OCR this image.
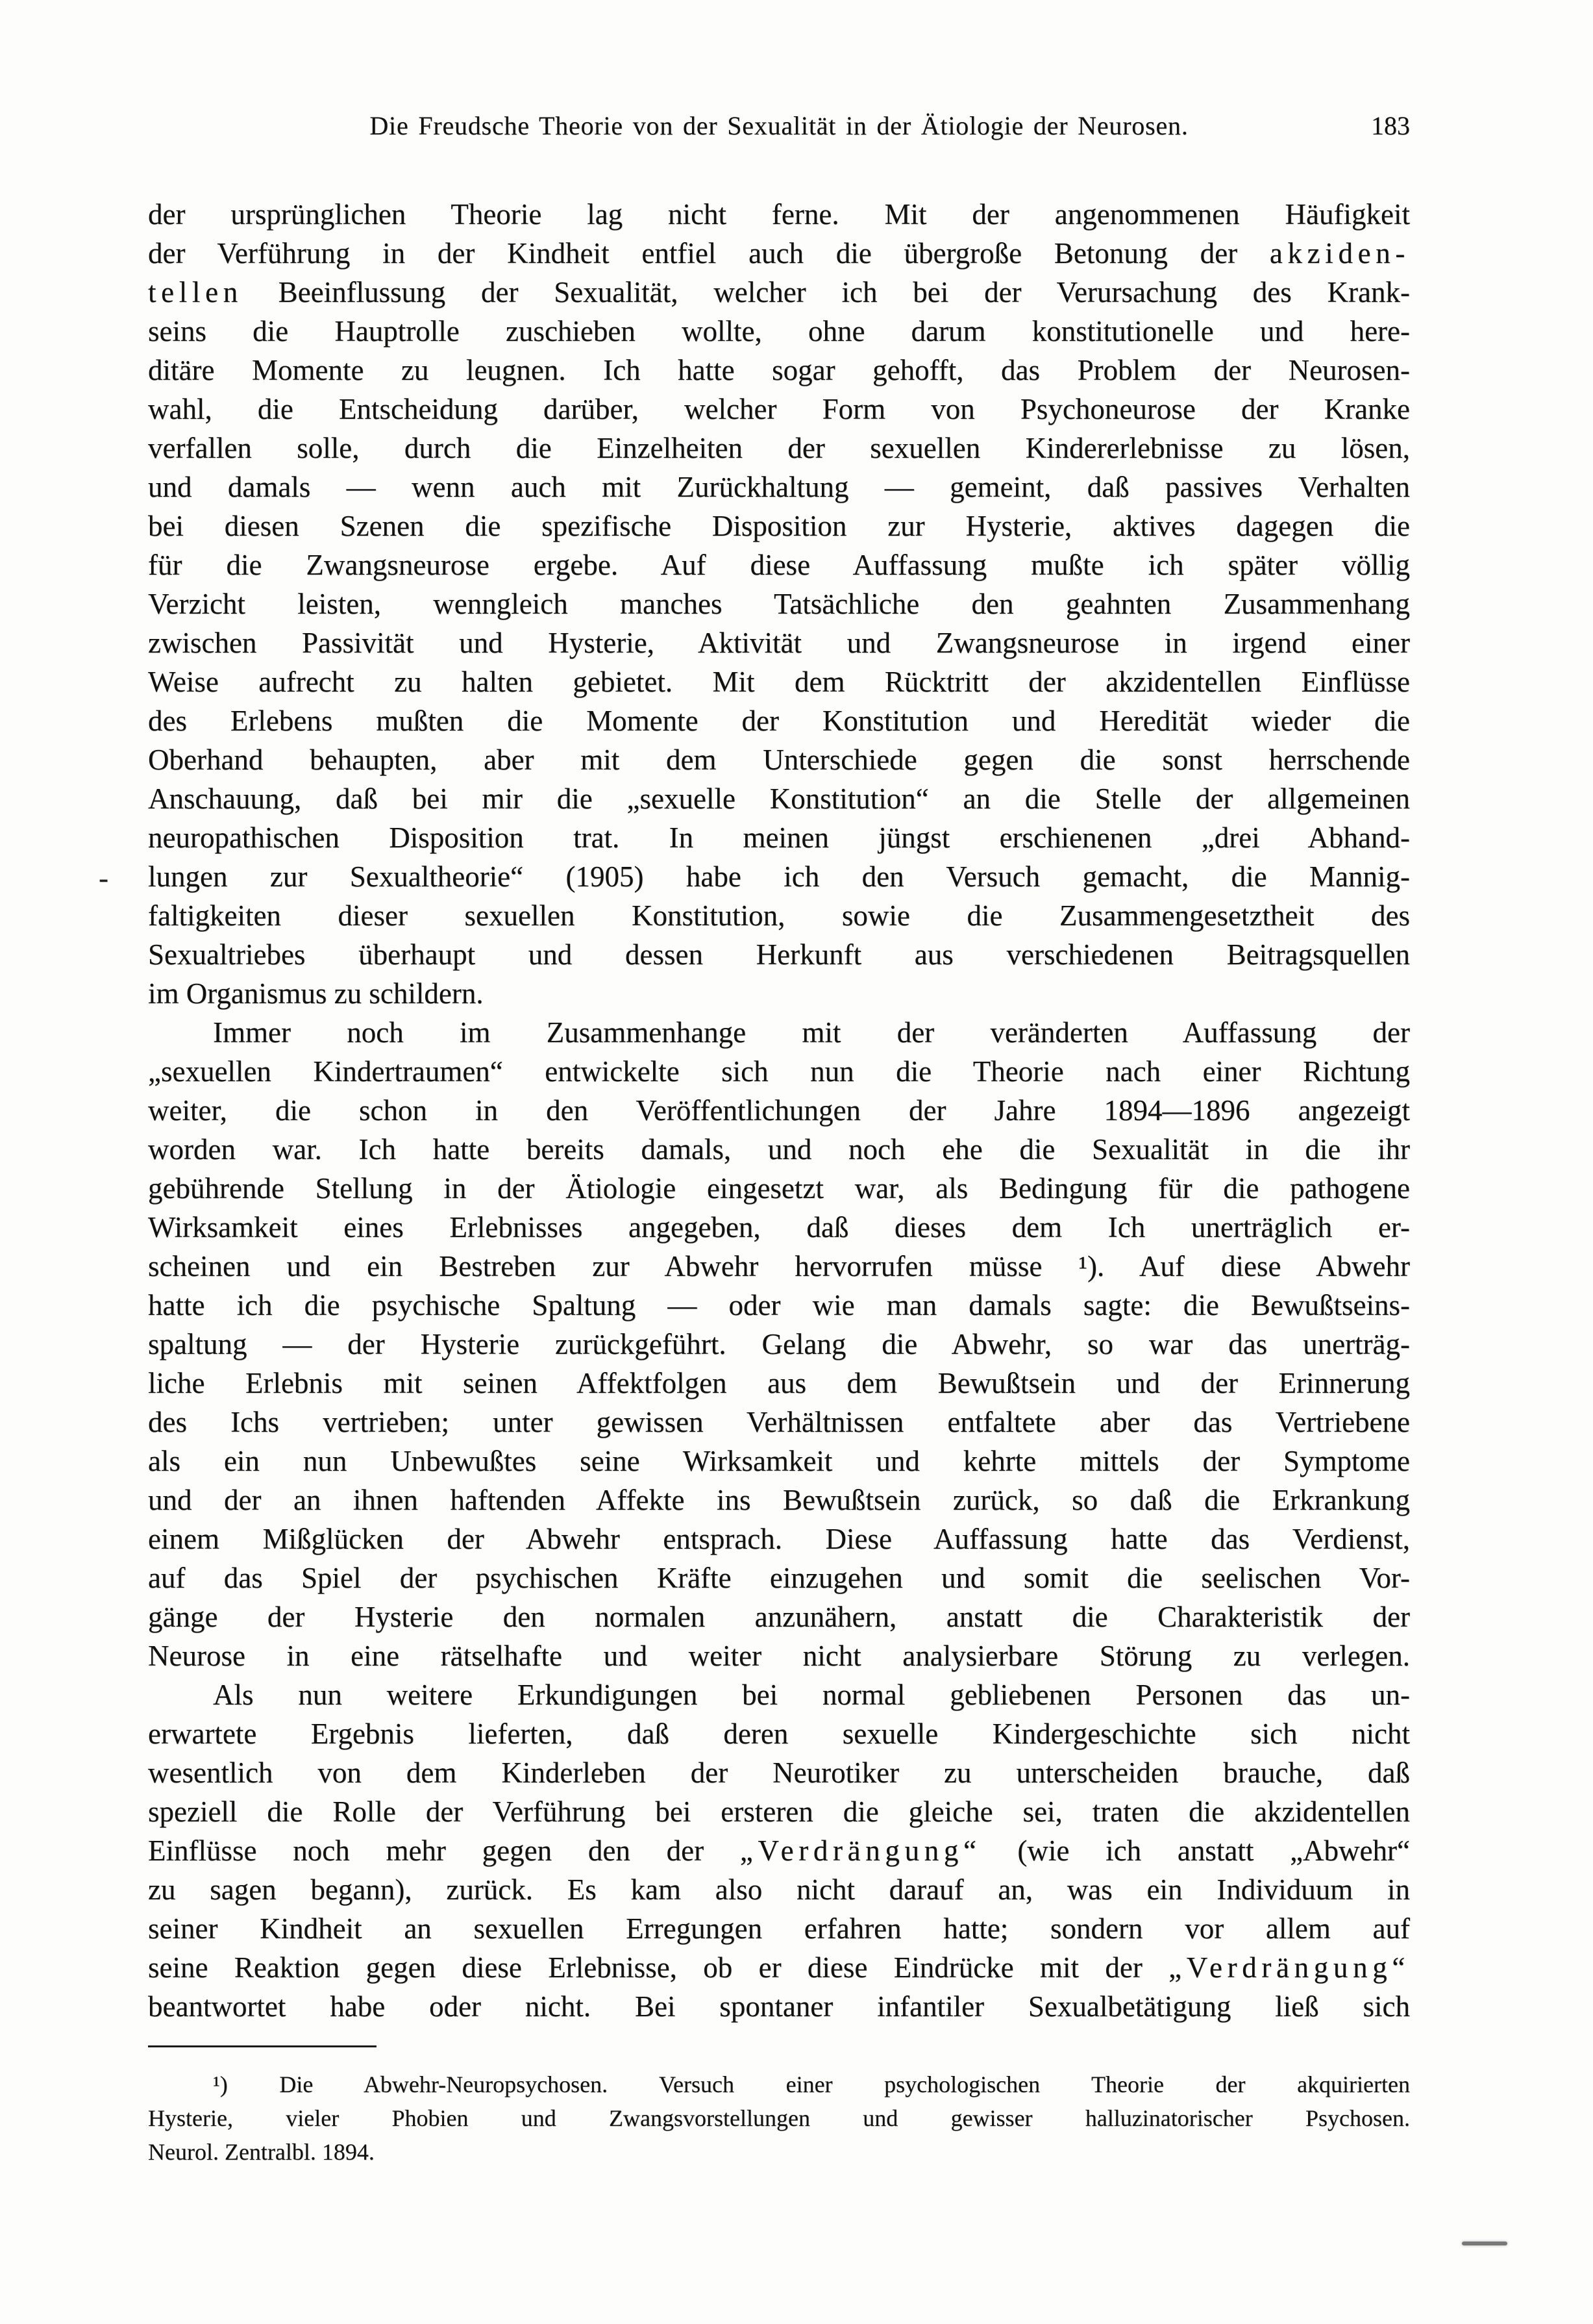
Die Freudsche Theorie von der Sexualität in der Ätiologie der Neurosen.	183
der ursprünglichen Theorie lag nicht ferne. Mit der angenommenen Häufigkeit
der Verführung in der Kindheit entfiel auch die übergroße Betonung der akziden-
tellen Beeinflussung der Sexualität, welcher ich bei der Verursachung des Krank-
seins die Hauptrolle zuschieben wollte, ohne darum konstitutionelle und here-
ditäre Momente zu leugnen. Ich hatte sogar gehofft, das Problem der Neurosen-
wahl, die Entscheidung darüber, welcher Form von Psychoneurose der Kranke
verfallen solle, durch die Einzelheiten der sexuellen Kindererlebnisse zu lösen,
und damals — wenn auch mit Zurückhaltung — gemeint, daß passives Verhalten
bei diesen Szenen die spezifische Disposition zur Hysterie, aktives dagegen die
für die Zwangsneurose ergebe. Auf diese Auffassung mußte ich später völlig
Verzicht leisten, wenngleich manches Tatsächliche den geahnten Zusammenhang
zwischen Passivität und Hysterie, Aktivität und Zwangsneurose in irgend einer
Weise aufrecht zu halten gebietet. Mit dem Rücktritt der akzidentellen Einflüsse
des Erlebens mußten die Momente der Konstitution und Heredität wieder die
Oberhand behaupten, aber mit dem Unterschiede gegen die sonst herrschende
Anschauung, daß bei mir die „sexuelle Konstitution“ an die Stelle der allgemeinen
neuropathischen Disposition trat. In meinen jüngst erschienenen „drei Abhand-
lungen zur Sexualtheorie“ (1905) habe ich den Versuch gemacht, die Mannig-
faltigkeiten dieser sexuellen Konstitution, sowie die Zusammengesetztheit des
Sexualtriebes überhaupt und dessen Herkunft aus verschiedenen Beitragsquellen
im Organismus zu schildern.
Immer noch im Zusammenhange mit der veränderten Auffassung der
„sexuellen Kindertraumen“ entwickelte sich nun die Theorie nach einer Richtung
weiter, die schon in den Veröffentlichungen der Jahre 1894—1896 angezeigt
worden war. Ich hatte bereits damals, und noch ehe die Sexualität in die ihr
gebührende Stellung in der Ätiologie eingesetzt war, als Bedingung für die pathogene
Wirksamkeit eines Erlebnisses angegeben, daß dieses dem Ich unerträglich er-
scheinen und ein Bestreben zur Abwehr hervorrufen müsse ¹). Auf diese Abwehr
hatte ich die psychische Spaltung — oder wie man damals sagte: die Bewußtseins-
spaltung — der Hysterie zurückgeführt. Gelang die Abwehr, so war das unerträg-
liche Erlebnis mit seinen Affektfolgen aus dem Bewußtsein und der Erinnerung
des Ichs vertrieben; unter gewissen Verhältnissen entfaltete aber das Vertriebene
als ein nun Unbewußtes seine Wirksamkeit und kehrte mittels der Symptome
und der an ihnen haftenden Affekte ins Bewußtsein zurück, so daß die Erkrankung
einem Mißglücken der Abwehr entsprach. Diese Auffassung hatte das Verdienst,
auf das Spiel der psychischen Kräfte einzugehen und somit die seelischen Vor-
gänge der Hysterie den normalen anzunähern, anstatt die Charakteristik der
Neurose in eine rätselhafte und weiter nicht analysierbare Störung zu verlegen.
Als nun weitere Erkundigungen bei normal gebliebenen Personen das un-
erwartete Ergebnis lieferten, daß deren sexuelle Kindergeschichte sich nicht
wesentlich von dem Kinderleben der Neurotiker zu unterscheiden brauche, daß
speziell die Rolle der Verführung bei ersteren die gleiche sei, traten die akzidentellen
Einflüsse noch mehr gegen den der „Verdrängung“ (wie ich anstatt „Abwehr“
zu sagen begann), zurück. Es kam also nicht darauf an, was ein Individuum in
seiner Kindheit an sexuellen Erregungen erfahren hatte; sondern vor allem auf
seine Reaktion gegen diese Erlebnisse, ob er diese Eindrücke mit der „Verdrängung“
beantwortet habe oder nicht. Bei spontaner infantiler Sexualbetätigung ließ sich
-
¹) Die Abwehr-Neuropsychosen. Versuch einer psychologischen Theorie der akquirierten
Hysterie, vieler Phobien und Zwangsvorstellungen und gewisser halluzinatorischer Psychosen.
Neurol. Zentralbl. 1894.
